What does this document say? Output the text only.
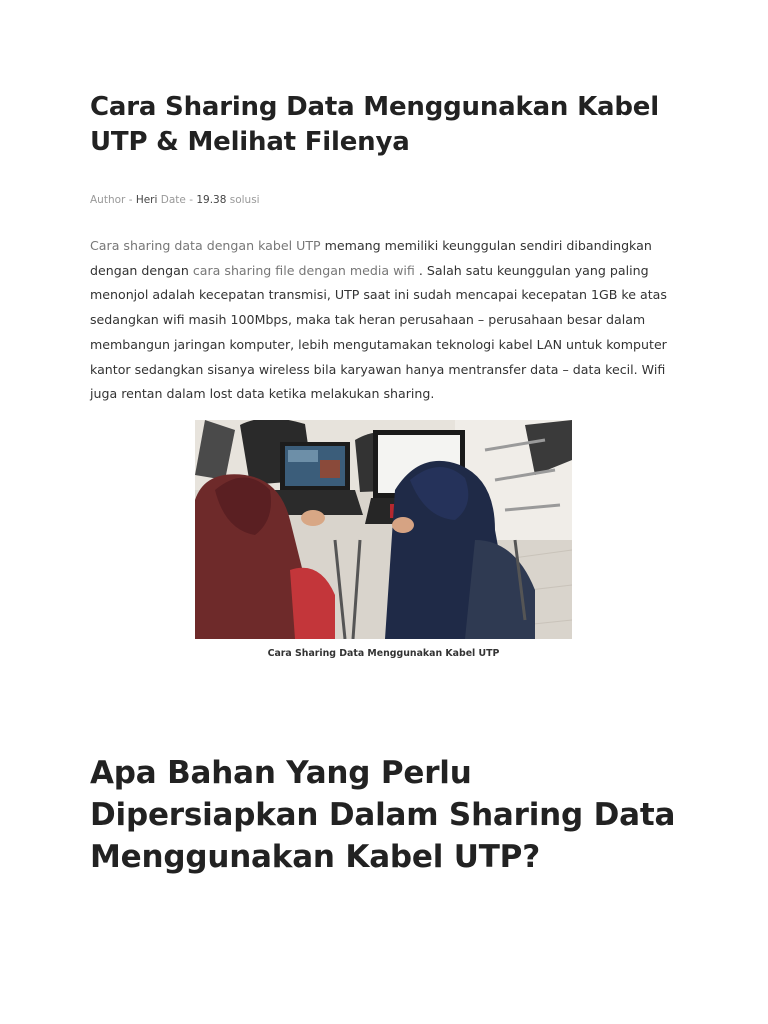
Cara Sharing Data Menggunakan Kabel UTP & Melihat Filenya
Author - Heri Date - 19.38 solusi

Cara sharing data dengan kabel UTP memang memiliki keunggulan sendiri dibandingkan dengan dengan cara sharing file dengan media wifi . Salah satu keunggulan yang paling menonjol adalah kecepatan transmisi, UTP saat ini sudah mencapai kecepatan 1GB ke atas sedangkan wifi masih 100Mbps, maka tak heran perusahaan – perusahaan besar dalam membangun jaringan komputer, lebih mengutamakan teknologi kabel LAN untuk komputer kantor sedangkan sisanya wireless bila karyawan hanya mentransfer data – data kecil. Wifi juga rentan dalam lost data ketika melakukan sharing.

Cara Sharing Data Menggunakan Kabel UTP
Apa Bahan Yang Perlu Dipersiapkan Dalam Sharing Data Menggunakan Kabel UTP?
